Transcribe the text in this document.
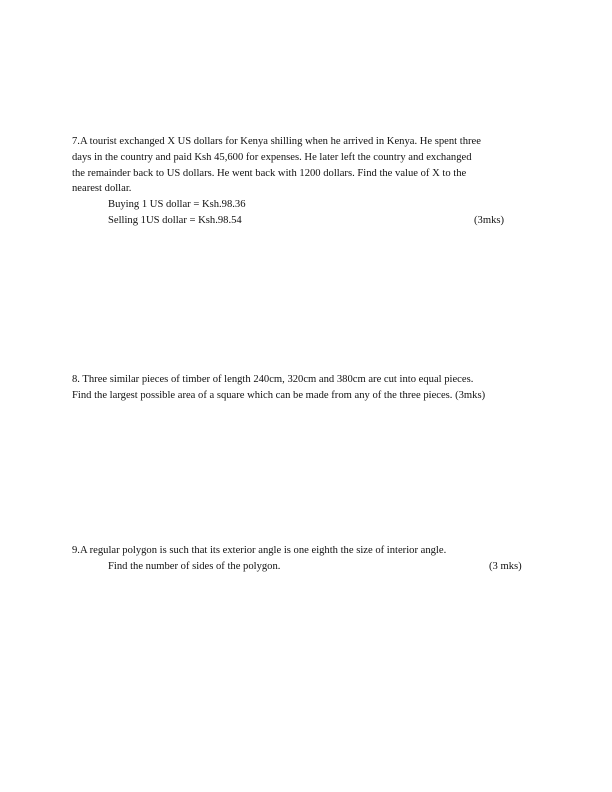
7.A tourist exchanged X US dollars for Kenya shilling when he arrived in Kenya. He spent three
days in the country and paid Ksh 45,600 for expenses. He later left the country and exchanged
the remainder back to US dollars. He went back with 1200 dollars. Find the value of X to the
nearest dollar.
Buying 1 US dollar = Ksh.98.36
Selling 1US dollar = Ksh.98.54	(3mks)
8. Three similar pieces of timber of length 240cm, 320cm and 380cm are cut into equal pieces.
Find the largest possible area of a square which can be made from any of the three pieces. (3mks)
9.A regular polygon is such that its exterior angle is one eighth the size of interior angle.
Find the number of sides of the polygon.	(3 mks)
